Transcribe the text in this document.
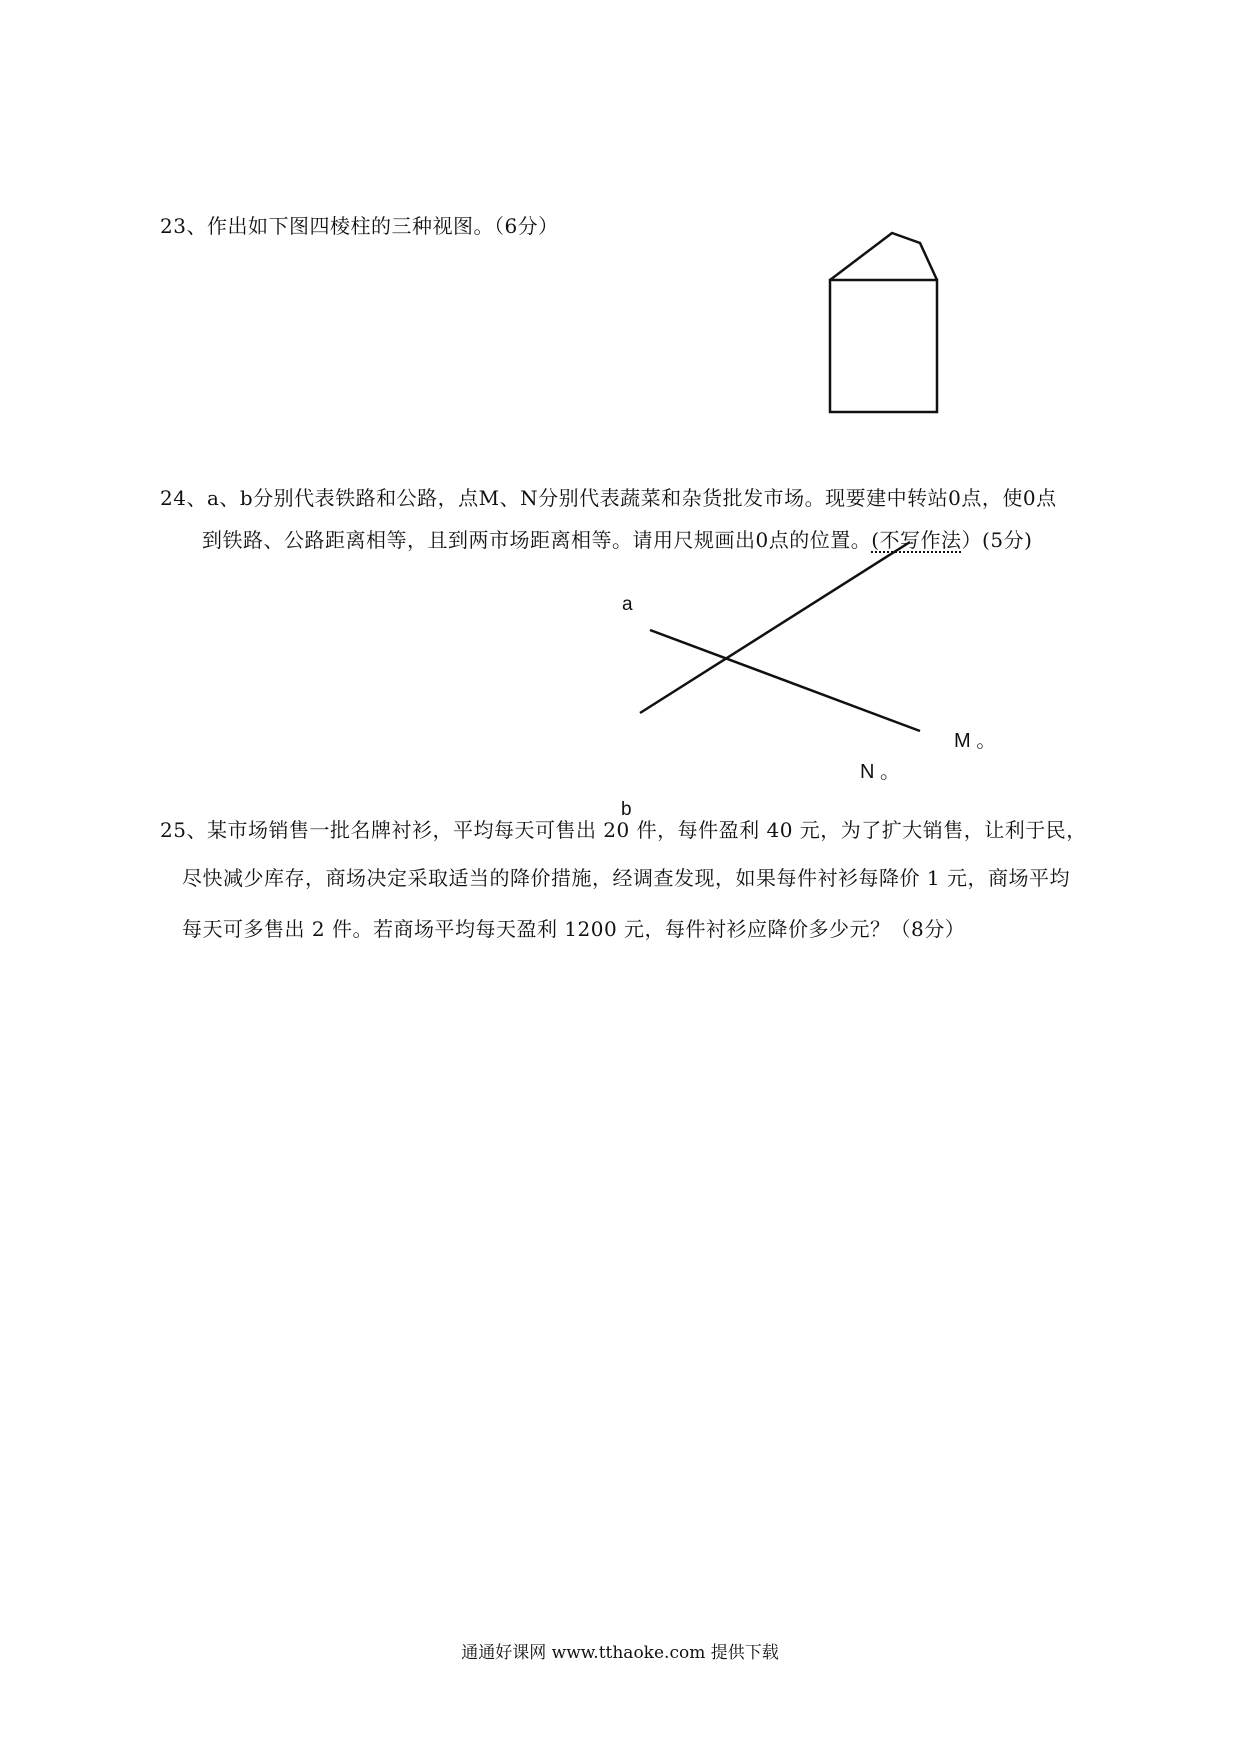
23、作出如下图四棱柱的三种视图。（6分）
24、a、b分别代表铁路和公路，点M、N分别代表蔬菜和杂货批发市场。现要建中转站0点，使0点
到铁路、公路距离相等，且到两市场距离相等。请用尺规画出0点的位置。(不写作法）(5分)
a
b
M 。
N 。
25、某市场销售一批名牌衬衫，平均每天可售出 20 件，每件盈利 40 元，为了扩大销售，让利于民，
尽快减少库存，商场决定采取适当的降价措施，经调查发现，如果每件衬衫每降价 1 元，商场平均
每天可多售出 2 件。若商场平均每天盈利 1200 元，每件衬衫应降价多少元？（8分）
通通好课网 www.tthaoke.com 提供下载
